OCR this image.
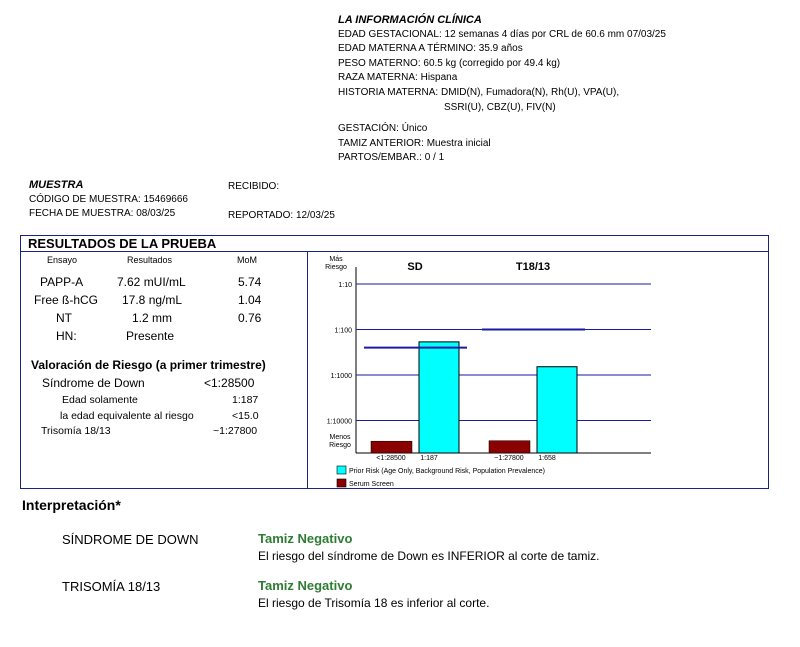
LA INFORMACIÓN CLÍNICA
EDAD GESTACIONAL: 12 semanas 4 días por CRL de 60.6 mm 07/03/25
EDAD MATERNA A TÉRMINO: 35.9 años
PESO MATERNO: 60.5 kg (corregido por 49.4 kg)
RAZA MATERNA: Hispana
HISTORIA MATERNA: DMID(N), Fumadora(N), Rh(U), VPA(U),
SSRI(U), CBZ(U), FIV(N)
GESTACIÓN: Único
TAMIZ ANTERIOR: Muestra inicial
PARTOS/EMBAR.: 0 / 1
MUESTRA
CÓDIGO DE MUESTRA: 15469666
FECHA DE MUESTRA: 08/03/25
RECIBIDO:
REPORTADO: 12/03/25
RESULTADOS DE LA PRUEBA
Ensayo	Resultados	MoM
PAPP-A	7.62 mUI/mL	5.74
Free ß-hCG 17.8 ng/mL	1.04
NT	1.2 mm	0.76
HN:	Presente
Valoración de Riesgo (a primer trimestre)
Síndrome de Down	<1:28500
Edad solamente	1:187
la edad equivalente al riesgo	<15.0
Trisomía 18/13	~1:27800
Más
Riesgo
Menos
Riesgo
1:10
1:100
1:1000
1:10000
SD
<1:28500 1:187
T18/13
~1:27800 1:658
Prior Risk (Age Only, Background Risk, Population Prevalence)
Serum Screen
Interpretación*
SÍNDROME DE DOWN	Tamiz Negativo
El riesgo del síndrome de Down es INFERIOR al corte de tamiz.
TRISOMÍA 18/13	Tamiz Negativo
El riesgo de Trisomía 18 es inferior al corte.
